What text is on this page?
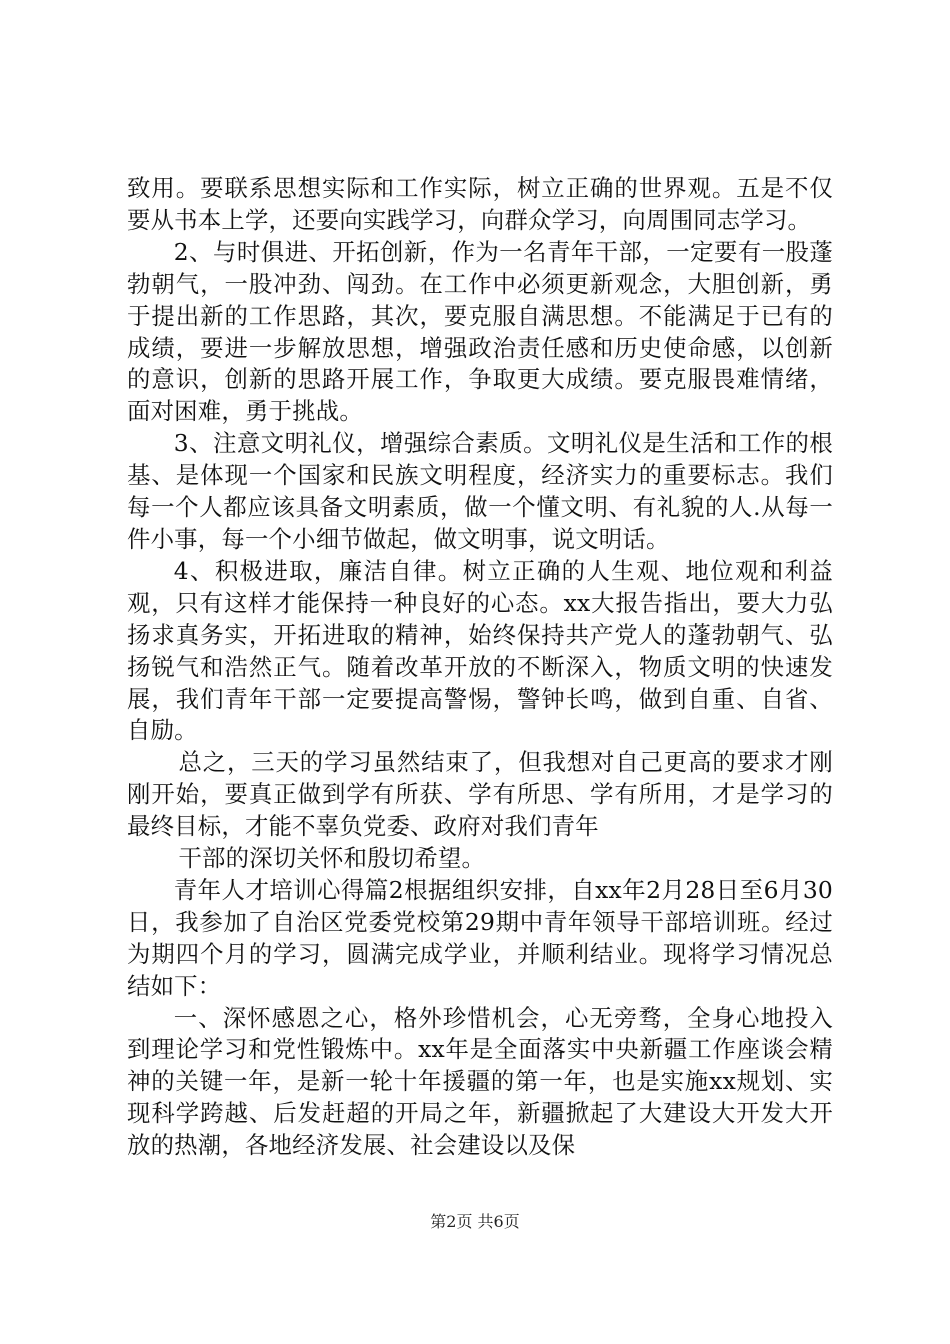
致用。要联系思想实际和工作实际，树立正确的世界观。五是不仅要从书本上学，还要向实践学习，向群众学习，向周围同志学习。

2、与时俱进、开拓创新，作为一名青年干部，一定要有一股蓬勃朝气，一股冲劲、闯劲。在工作中必须更新观念，大胆创新，勇于提出新的工作思路，其次，要克服自满思想。不能满足于已有的成绩，要进一步解放思想，增强政治责任感和历史使命感，以创新的意识，创新的思路开展工作，争取更大成绩。要克服畏难情绪，面对困难，勇于挑战。

3、注意文明礼仪，增强综合素质。文明礼仪是生活和工作的根基、是体现一个国家和民族文明程度，经济实力的重要标志。我们每一个人都应该具备文明素质，做一个懂文明、有礼貌的人.从每一件小事，每一个小细节做起，做文明事，说文明话。

4、积极进取，廉洁自律。树立正确的人生观、地位观和利益观，只有这样才能保持一种良好的心态。xx大报告指出，要大力弘扬求真务实，开拓进取的精神，始终保持共产党人的蓬勃朝气、弘扬锐气和浩然正气。随着改革开放的不断深入，物质文明的快速发展，我们青年干部一定要提高警惕，警钟长鸣，做到自重、自省、自励。

总之，三天的学习虽然结束了，但我想对自己更高的要求才刚刚开始，要真正做到学有所获、学有所思、学有所用，才是学习的最终目标，才能不辜负党委、政府对我们青年

干部的深切关怀和殷切希望。

青年人才培训心得篇2根据组织安排，自xx年2月28日至6月30日，我参加了自治区党委党校第29期中青年领导干部培训班。经过为期四个月的学习，圆满完成学业，并顺利结业。现将学习情况总结如下：

一、深怀感恩之心，格外珍惜机会，心无旁骛，全身心地投入到理论学习和党性锻炼中。xx年是全面落实中央新疆工作座谈会精神的关键一年，是新一轮十年援疆的第一年，也是实施xx规划、实现科学跨越、后发赶超的开局之年，新疆掀起了大建设大开发大开放的热潮，各地经济发展、社会建设以及保

第2页 共6页
